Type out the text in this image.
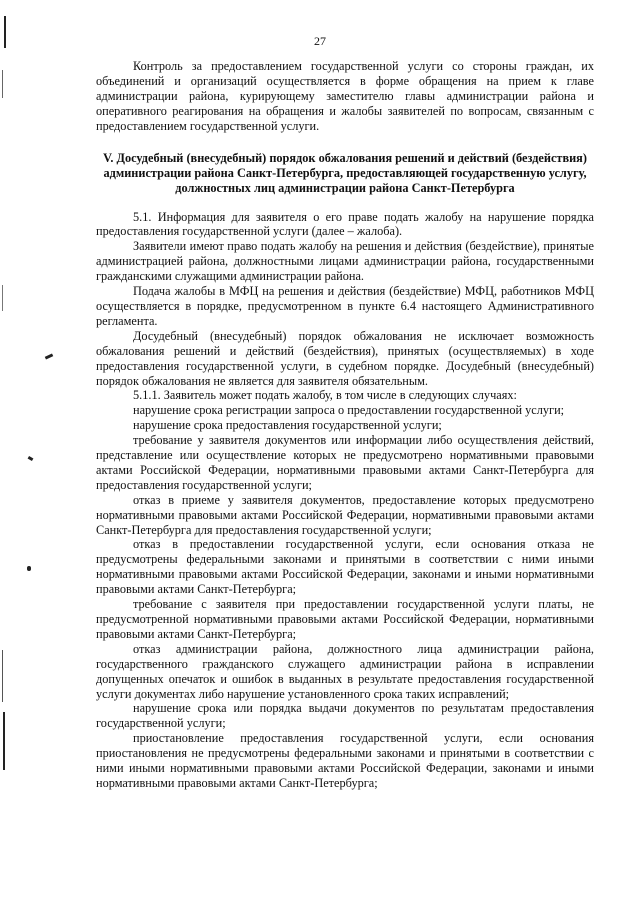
27

Контроль за предоставлением государственной услуги со стороны граждан, их объединений и организаций осуществляется в форме обращения на прием к главе администрации района, курирующему заместителю главы администрации района и оперативного реагирования на обращения и жалобы заявителей по вопросам, связанным с предоставлением государственной услуги.

V. Досудебный (внесудебный) порядок обжалования решений и действий (бездействия) администрации района Санкт-Петербурга, предоставляющей государственную услугу, должностных лиц администрации района Санкт-Петербурга

5.1. Информация для заявителя о его праве подать жалобу на нарушение порядка предоставления государственной услуги (далее – жалоба).

Заявители имеют право подать жалобу на решения и действия (бездействие), принятые администрацией района, должностными лицами администрации района, государственными гражданскими служащими администрации района.

Подача жалобы в МФЦ на решения и действия (бездействие) МФЦ, работников МФЦ осуществляется в порядке, предусмотренном в пункте 6.4 настоящего Административного регламента.

Досудебный (внесудебный) порядок обжалования не исключает возможность обжалования решений и действий (бездействия), принятых (осуществляемых) в ходе предоставления государственной услуги, в судебном порядке. Досудебный (внесудебный) порядок обжалования не является для заявителя обязательным.

5.1.1. Заявитель может подать жалобу, в том числе в следующих случаях:

нарушение срока регистрации запроса о предоставлении государственной услуги;

нарушение срока предоставления государственной услуги;

требование у заявителя документов или информации либо осуществления действий, представление или осуществление которых не предусмотрено нормативными правовыми актами Российской Федерации, нормативными правовыми актами Санкт-Петербурга для предоставления государственной услуги;

отказ в приеме у заявителя документов, предоставление которых предусмотрено нормативными правовыми актами Российской Федерации, нормативными правовыми актами Санкт-Петербурга для предоставления государственной услуги;

отказ в предоставлении государственной услуги, если основания отказа не предусмотрены федеральными законами и принятыми в соответствии с ними иными нормативными правовыми актами Российской Федерации, законами и иными нормативными правовыми актами Санкт-Петербурга;

требование с заявителя при предоставлении государственной услуги платы, не предусмотренной нормативными правовыми актами Российской Федерации, нормативными правовыми актами Санкт-Петербурга;

отказ администрации района, должностного лица администрации района, государственного гражданского служащего администрации района в исправлении допущенных опечаток и ошибок в выданных в результате предоставления государственной услуги документах либо нарушение установленного срока таких исправлений;

нарушение срока или порядка выдачи документов по результатам предоставления государственной услуги;

приостановление предоставления государственной услуги, если основания приостановления не предусмотрены федеральными законами и принятыми в соответствии с ними иными нормативными правовыми актами Российской Федерации, законами и иными нормативными правовыми актами Санкт-Петербурга;
